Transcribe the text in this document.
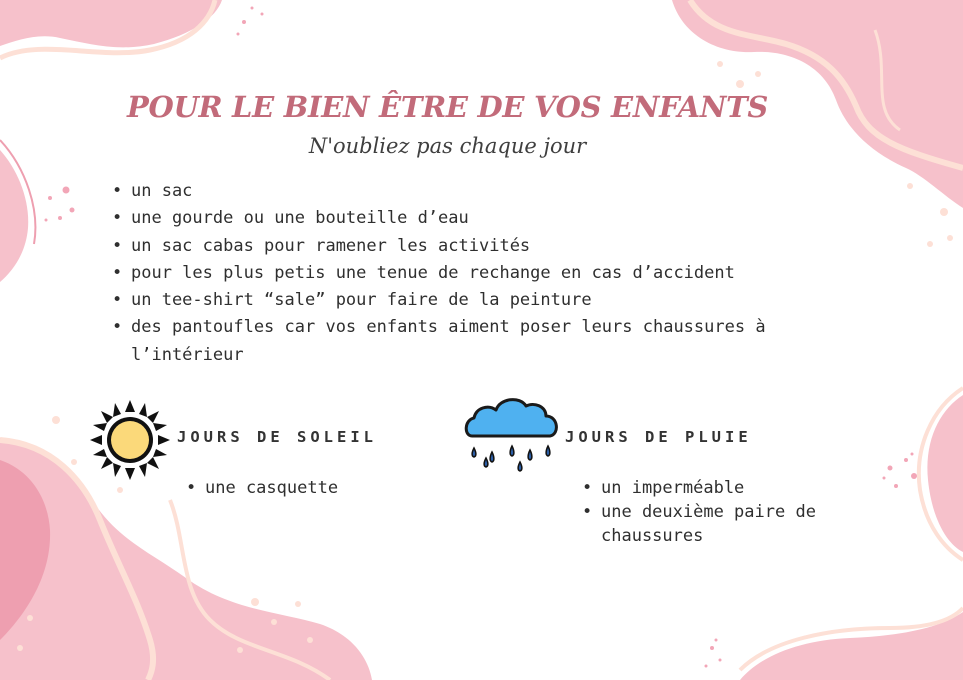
POUR LE BIEN ÊTRE DE VOS ENFANTS
N'oubliez pas chaque jour
• un sac
• une gourde ou une bouteille d’eau
• un sac cabas pour ramener les activités
• pour les plus petis une tenue de rechange en cas d’accident
• un tee-shirt “sale” pour faire de la peinture
• des pantoufles car vos enfants aiment poser leurs chaussures à l’intérieur
JOURS DE SOLEIL
• une casquette
JOURS DE PLUIE
• un imperméable
• une deuxième paire de chaussures
